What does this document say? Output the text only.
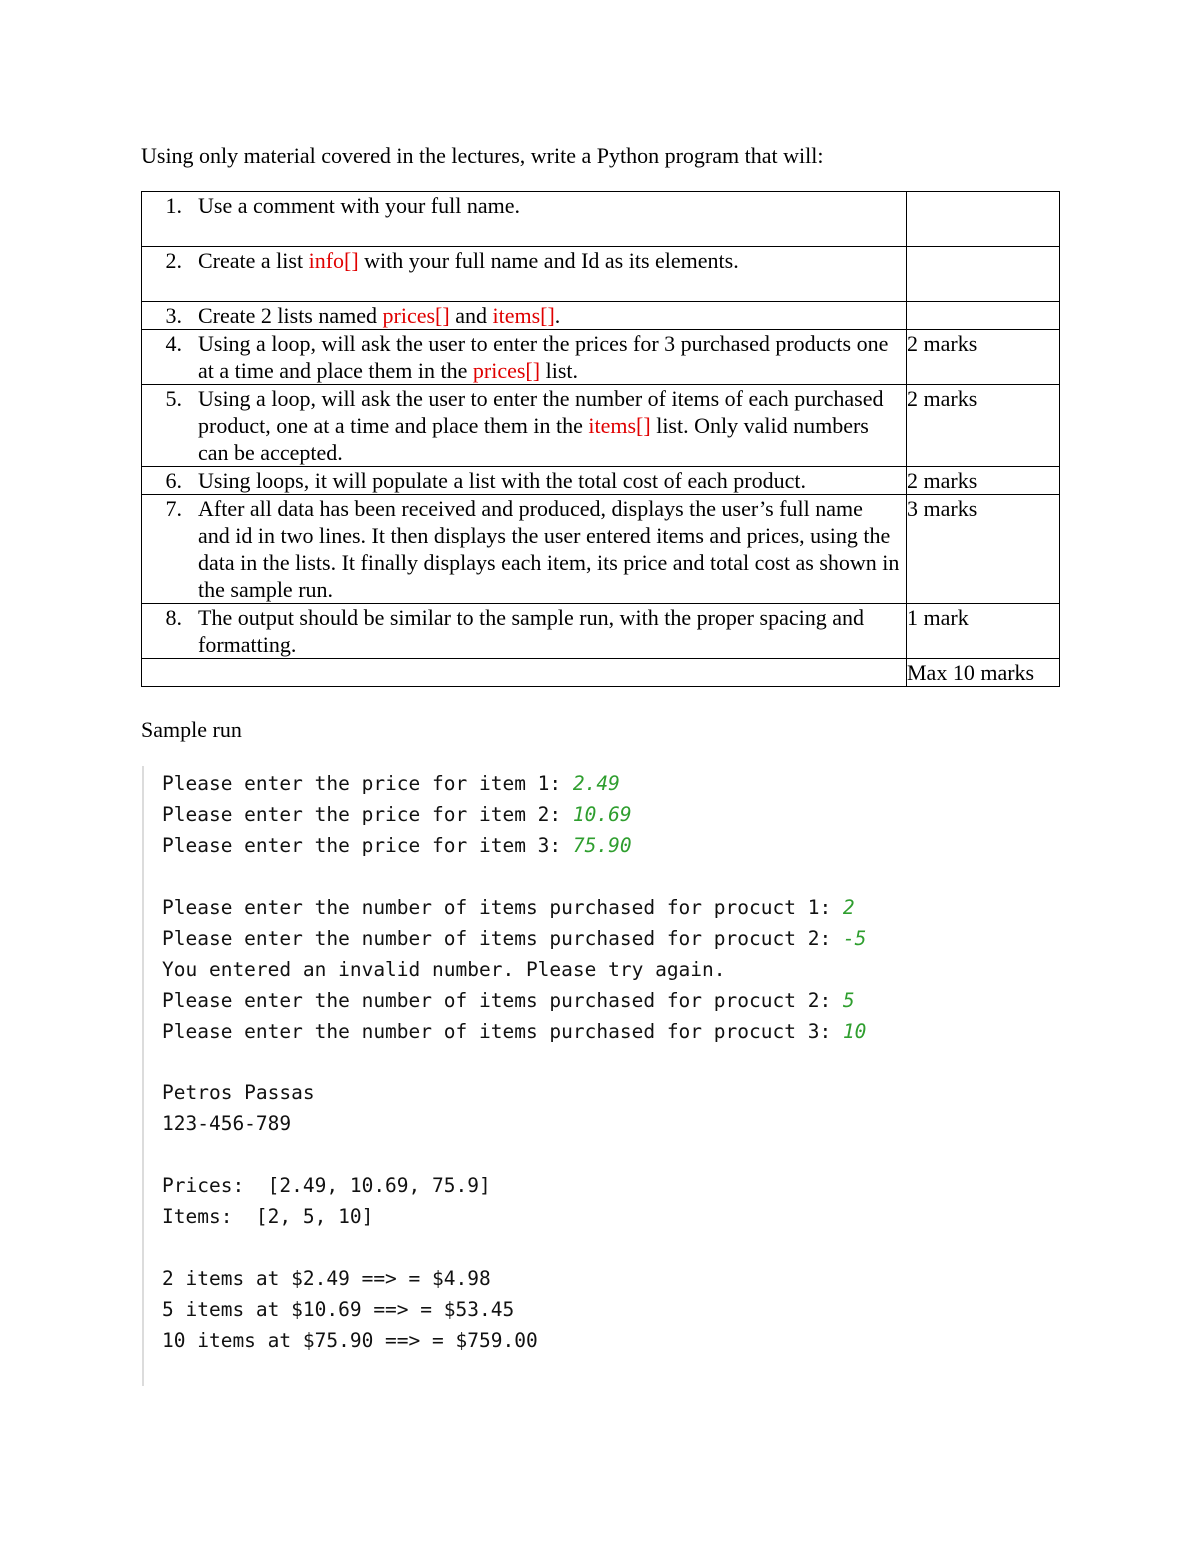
Using only material covered in the lectures, write a Python program that will:
1. Use a comment with your full name.	

2. Create a list info[] with your full name and Id as its elements.	

3. Create 2 lists named prices[] and items[].	

4. Using a loop, will ask the user to enter the prices for 3 purchased products one at a time and place them in the prices[] list.	2 marks

5. Using a loop, will ask the user to enter the number of items of each purchased product, one at a time and place them in the items[] list. Only valid numbers can be accepted.	2 marks

6. Using loops, it will populate a list with the total cost of each product.	2 marks

7. After all data has been received and produced, displays the user’s full name and id in two lines. It then displays the user entered items and prices, using the data in the lists. It finally displays each item, its price and total cost as shown in the sample run.	3 marks

8. The output should be similar to the sample run, with the proper spacing and formatting.	1 mark
	Max 10 marks
Sample run
Please enter the price for item 1: 2.49
Please enter the price for item 2: 10.69
Please enter the price for item 3: 75.90
Please enter the number of items purchased for procuct 1: 2
Please enter the number of items purchased for procuct 2: -5
You entered an invalid number. Please try again.
Please enter the number of items purchased for procuct 2: 5
Please enter the number of items purchased for procuct 3: 10
Petros Passas
123-456-789
Prices:  [2.49, 10.69, 75.9]
Items:  [2, 5, 10]
2 items at $2.49 ==> = $4.98
5 items at $10.69 ==> = $53.45
10 items at $75.90 ==> = $759.00
